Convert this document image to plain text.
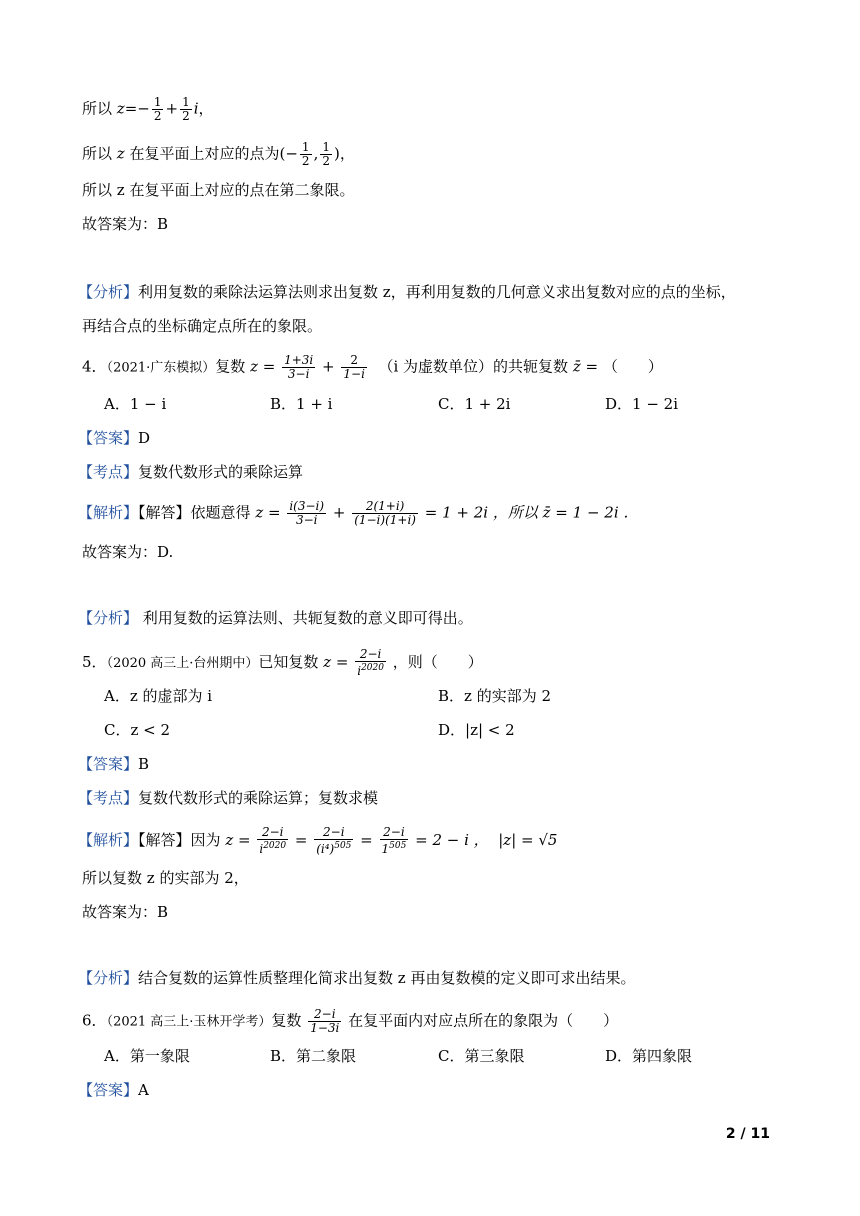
所以 $z=- \frac{1}{2} + \frac{1}{2}$ i，
所以 z 在复平面上对应的点为(− $\frac{1}{2}$ , $\frac{1}{2}$ )，
所以 z 在复平面上对应的点在第二象限。
故答案为：B
【分析】利用复数的乘除法运算法则求出复数 z，再利用复数的几何意义求出复数对应的点的坐标，
再结合点的坐标确定点所在的象限。
4．（2021·广东模拟）复数 $z = \frac{1+3i}{3-i} + \frac{2}{1-i} (i$ 为虚数单位）的共轭复数 z̄ = （　　）
A．1 − i	B．1 + i	C．1 + 2i	D．1 − 2i
【答案】D
【考点】复数代数形式的乘除运算
【解析】【解答】依题意得 $z = \frac{i(3-i)}{3-i} + \frac{2(1+i)}{(1-i)(1+i)} = 1 + 2i$ ，所以 z̄ = 1 − 2i ．
故答案为：D.
【分析】 利用复数的运算法则、共轭复数的意义即可得出。
5．（2020 高三上·台州期中）已知复数 $z = \frac{2-i}{i^{2020}}$ ，则（　　）
A．z 的虚部为 i	B．z 的实部为 2
C．z < 2	D．|z| < 2
【答案】B
【考点】复数代数形式的乘除运算；复数求模
【解析】【解答】因为 $z = \frac{2-i}{i^{2020}} = \frac{2-i}{(i^4)^{505}} = \frac{2-i}{1^{505}} = 2 - i$ ， |z| = √5
所以复数 z 的实部为 2，
故答案为：B
【分析】结合复数的运算性质整理化简求出复数 z 再由复数模的定义即可求出结果。
6．（2021 高三上·玉林开学考）复数 $\frac{2-i}{1-3i}$ 在复平面内对应点所在的象限为（　　）
A．第一象限	B．第二象限	C．第三象限	D．第四象限
【答案】A
2 / 11
